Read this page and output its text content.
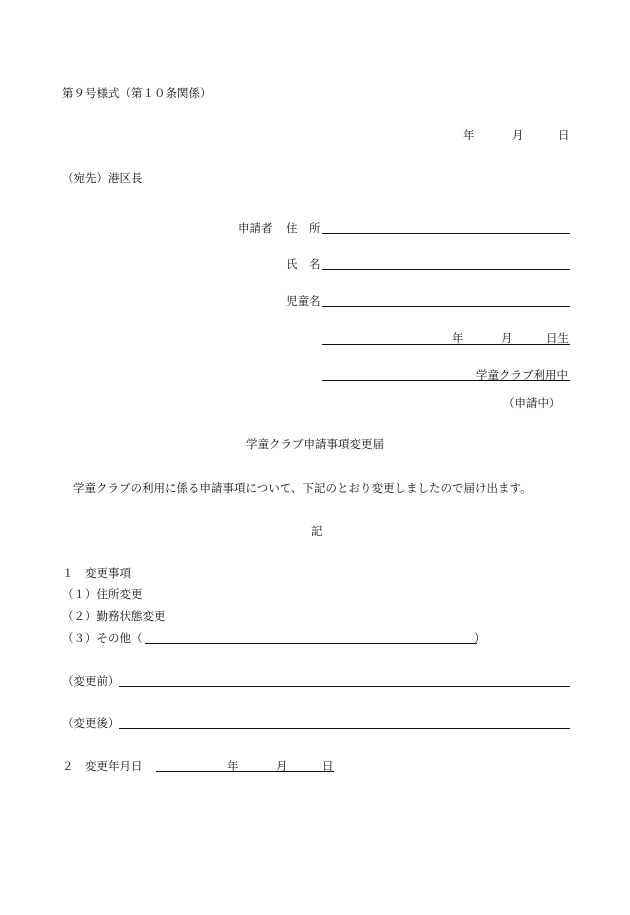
第９号様式（第１０条関係）
年	月	日
（宛先）港区長
申請者 住　所
氏　名
児童名
年	月	日生
学童クラブ利用中
（申請中）
学童クラブ申請事項変更届
学童クラブの利用に係る申請事項について、下記のとおり変更しましたので届け出ます。
記
１　変更事項
（１）住所変更
（２）勤務状態変更
（３）その他（	）
（変更前）
（変更後）
２　変更年月日	年	月	日
